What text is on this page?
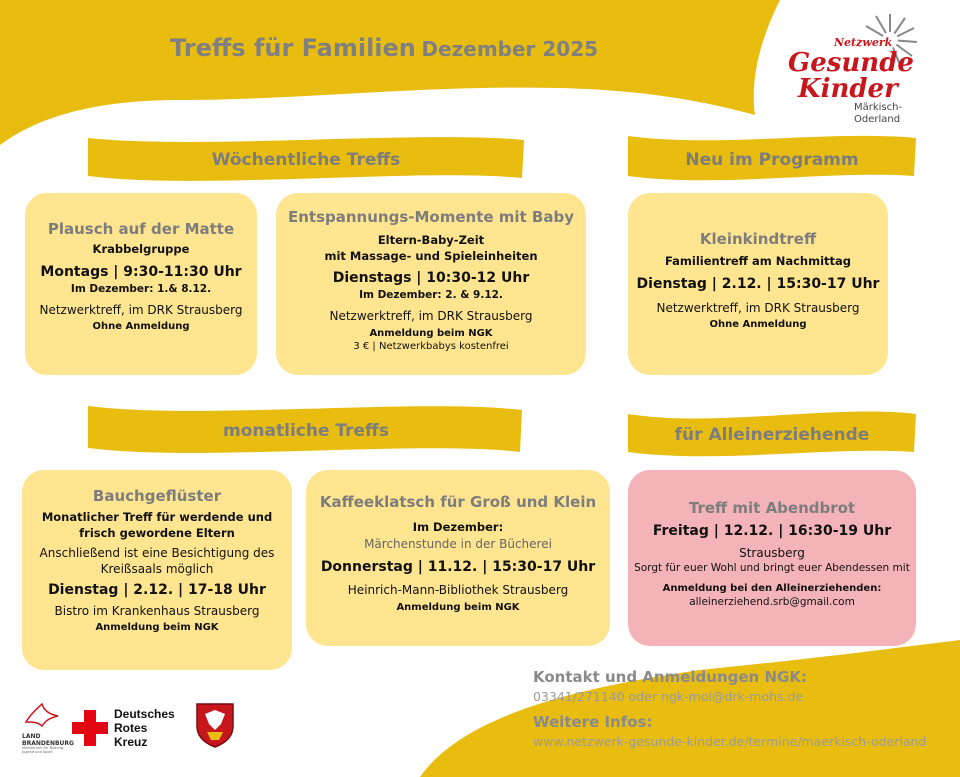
Treffs für Familien Dezember 2025	Netzwerk
Gesunde
Kinder
Märkisch-
Oderland
Wöchentliche Treffs	Neu im Programm
monatliche Treffs	für Alleinerziehende
Plausch auf der Matte
Krabbelgruppe
Montags | 9:30-11:30 Uhr
Im Dezember: 1.& 8.12.
Netzwerktreff, im DRK Strausberg
Ohne Anmeldung
Entspannungs-Momente mit Baby
Eltern-Baby-Zeit
mit Massage- und Spieleinheiten
Dienstags | 10:30-12 Uhr
Im Dezember: 2. & 9.12.
Netzwerktreff, im DRK Strausberg
Anmeldung beim NGK
3 € | Netzwerkbabys kostenfrei
Kleinkindtreff
Familientreff am Nachmittag
Dienstag | 2.12. | 15:30-17 Uhr
Netzwerktreff, im DRK Strausberg
Ohne Anmeldung
Bauchgeflüster
Monatlicher Treff für werdende und
frisch gewordene Eltern
Anschließend ist eine Besichtigung des
Kreißsaals möglich
Dienstag | 2.12. | 17-18 Uhr
Bistro im Krankenhaus Strausberg
Anmeldung beim NGK
Kaffeeklatsch für Groß und Klein
Im Dezember:
Märchenstunde in der Bücherei
Donnerstag | 11.12. | 15:30-17 Uhr
Heinrich-Mann-Bibliothek Strausberg
Anmeldung beim NGK
Treff mit Abendbrot
Freitag | 12.12. | 16:30-19 Uhr
Strausberg
Sorgt für euer Wohl und bringt euer Abendessen mit
Anmeldung bei den Alleinerziehenden:
alleinerziehend.srb@gmail.com
Kontakt und Anmeldungen NGK:
03341/271140 oder ngk-mol@drk-mohs.de
Weitere Infos:
www.netzwerk-gesunde-kinder.de/termine/maerkisch-oderland
LAND
BRANDENBURG
Ministerium für Bildung, Jugend und Sport
Deutsches
Rotes
Kreuz
